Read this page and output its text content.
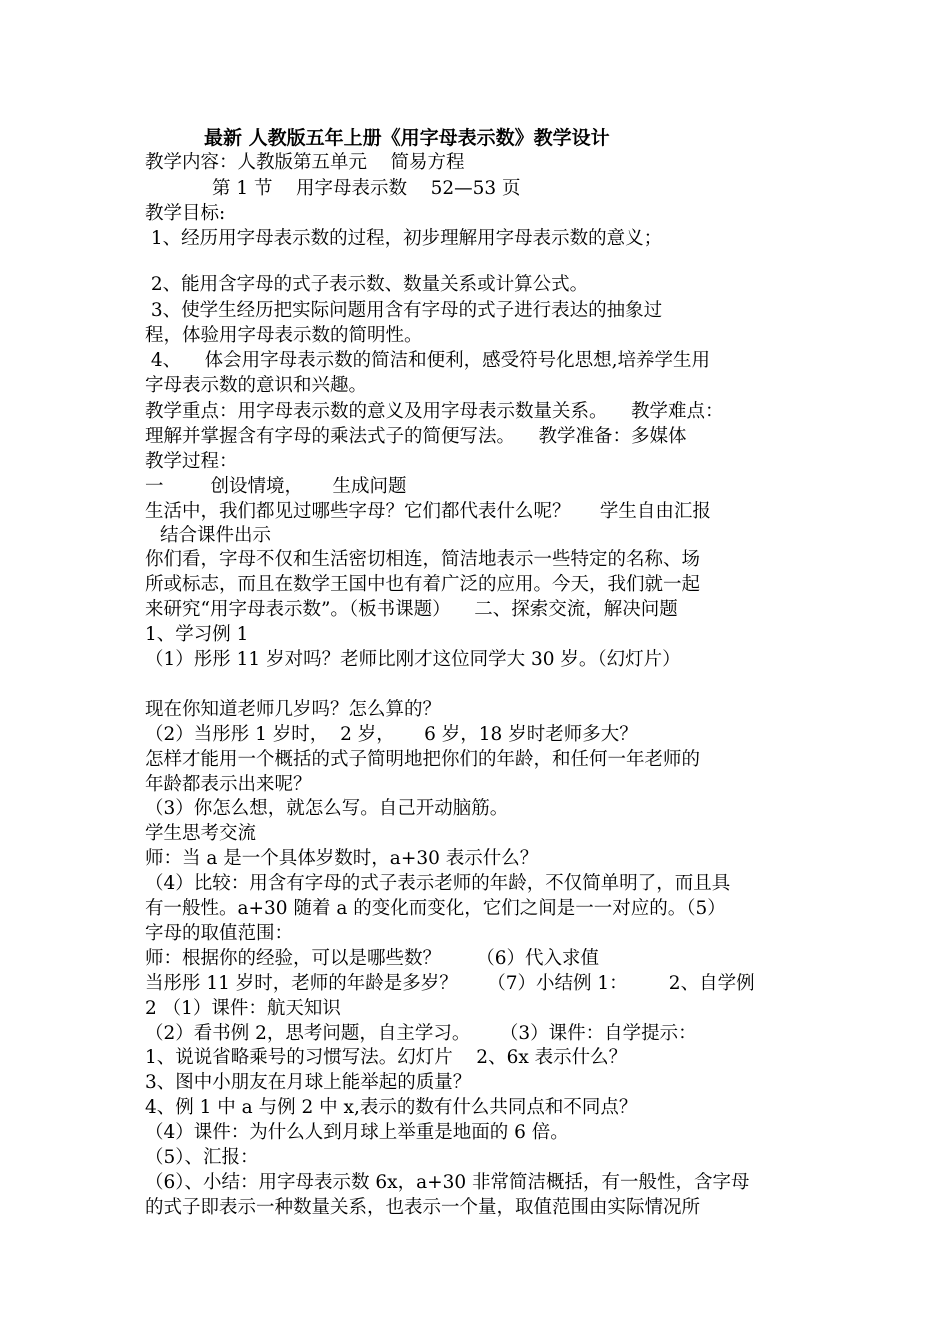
最新 人教版五年上册《用字母表示数》教学设计
教学内容：人教版第五单元    简易方程
第 1 节    用字母表示数    52—53 页
教学目标:
1、经历用字母表示数的过程，初步理解用字母表示数的意义；
2、能用含字母的式子表示数、数量关系或计算公式。
3、使学生经历把实际问题用含有字母的式子进行表达的抽象过
程，体验用字母表示数的简明性。
4、    体会用字母表示数的简洁和便利，感受符号化思想,培养学生用
字母表示数的意识和兴趣。
教学重点：用字母表示数的意义及用字母表示数量关系。    教学难点：
理解并掌握含有字母的乘法式子的简便写法。    教学准备：多媒体
教学过程：
一        创设情境，     生成问题
生活中，我们都见过哪些字母？它们都代表什么呢？     学生自由汇报
结合课件出示
你们看，字母不仅和生活密切相连，简洁地表示一些特定的名称、场
所或标志，而且在数学王国中也有着广泛的应用。今天，我们就一起
来研究“用字母表示数”。（板书课题）    二、探索交流，解决问题
1、学习例 1
（1）彤彤 11 岁对吗？老师比刚才这位同学大 30 岁。（幻灯片）
现在你知道老师几岁吗？怎么算的？
（2）当彤彤 1 岁时，  2 岁，     6 岁，18 岁时老师多大？
怎样才能用一个概括的式子简明地把你们的年龄，和任何一年老师的
年龄都表示出来呢？
（3）你怎么想，就怎么写。自己开动脑筋。
学生思考交流
师：当 a 是一个具体岁数时，a+30 表示什么？
（4）比较：用含有字母的式子表示老师的年龄，不仅简单明了，而且具
有一般性。a+30 随着 a 的变化而变化，它们之间是一一对应的。（5）
字母的取值范围：
师：根据你的经验，可以是哪些数？      （6）代入求值
当彤彤 11 岁时，老师的年龄是多岁？     （7）小结例 1：       2、自学例
2 （1）课件：航天知识
（2）看书例 2，思考问题，自主学习。     （3）课件：自学提示：
1、说说省略乘号的习惯写法。幻灯片    2、6x 表示什么？
3、图中小朋友在月球上能举起的质量？
4、例 1 中 a 与例 2 中 x,表示的数有什么共同点和不同点？
（4）课件：为什么人到月球上举重是地面的 6 倍。
（5）、汇报：
（6）、小结：用字母表示数 6x，a+30 非常简洁概括，有一般性，含字母
的式子即表示一种数量关系，也表示一个量，取值范围由实际情况所
